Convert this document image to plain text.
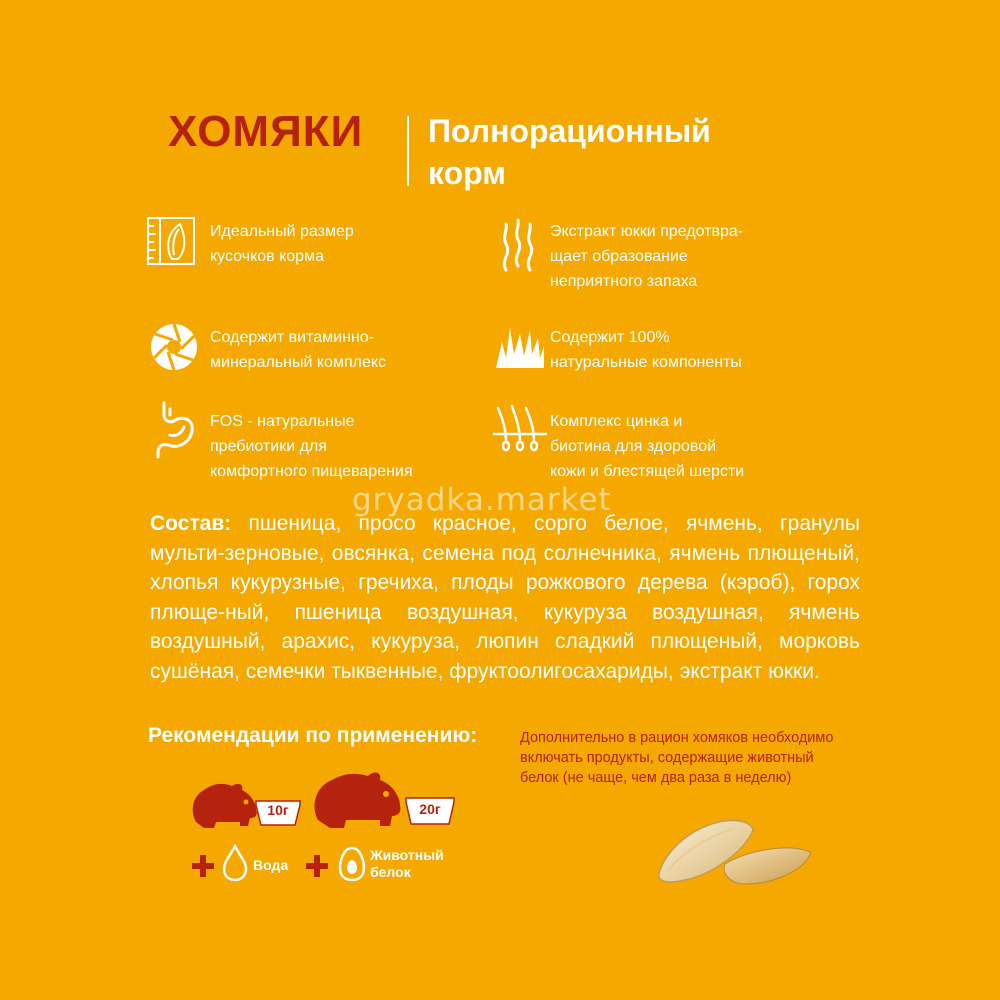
ХОМЯКИ Полнорационный
корм
Идеальный размер
кусочков корма
Экстракт юкки предотвра-
щает образование
неприятного запаха
Содержит витаминно-
минеральный комплекс
Содержит 100%
натуральные компоненты
FOS - натуральные
пребиотики для
комфортного пищеварения
Комплекс цинка и
биотина для здоровой
кожи и блестящей шерсти
gryadka.market
Состав: пшеница, просо красное, сорго белое, ячмень, гранулы мульти-зерновые, овсянка, семена под солнечника, ячмень плющеный, хлопья кукурузные, гречиха, плоды рожкового дерева (кэроб), горох плюще-ный, пшеница воздушная, кукуруза воздушная, ячмень воздушный, арахис, кукуруза, люпин сладкий плющеный, морковь сушёная, семечки тыквенные, фруктоолигосахариды, экстракт юкки.
Рекомендации по применению:
10г	20г
Вода
Животный
белок
Дополнительно в рацион хомяков необходимо
включать продукты, содержащие животный
белок (не чаще, чем два раза в неделю)
